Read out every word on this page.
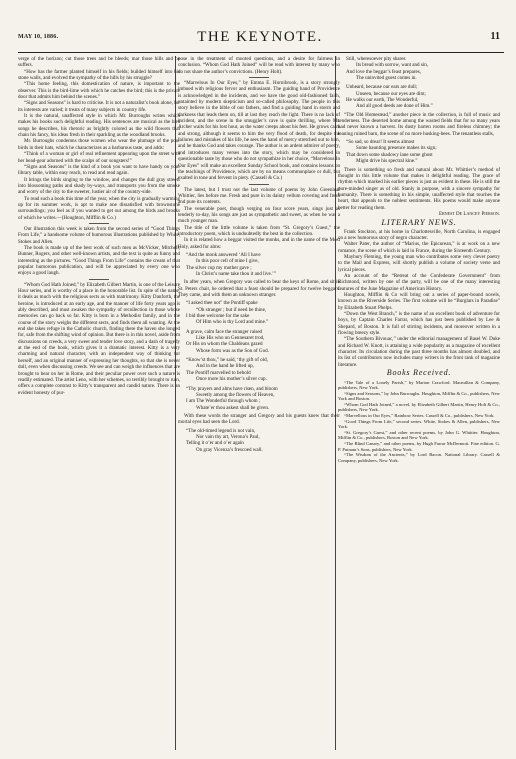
MAY 10, 1886.	THE KEYNOTE.	11

verge of the horizon; cut those trees and be bleeds; mar those hills and he suffers.

“How has the farmer planted himself in his fields; builded himself into his stone walls, and evolved the sympathy of the hills by his struggle?

“This home feeling, this domestication of nature, is important to the observer. This is the bird-lime with which he catches the bird; this is the private door that admits him behind the scenes.”

“Signs and Seasons” is hard to criticise. It is not a naturalist’s book alone, for its interests are varied; it treats of many subjects in country life.

It is the natural, unaffected style in which Mr. Burroughs writes which makes his books such delightful reading. His sentences are musical as the bird songs he describes, his rhetoric as brightly colored as the wild flowers that chain his fancy, his ideas fresh in their sparkling as the woodland brooks.

Mr. Burroughs condemns those women who wear the plumage of the poor birds in their hats, which he characterizes as a barbarous taste, and adds:

“Think of a woman or girl of real refinement appearing upon the street with her head-gear adorned with the scalps of our songsters!”

“Signs and Seasons” is the kind of a book you want to have handy on your library table, within easy reach, to read and read again.

It brings the birds singing to the window, and changes the dull gray streets into blossoming paths and shady by-ways, and transports you from the smoke and worry of the city to the sweeter, lustier air of the country-side.

To read such a book this time of the year, when the city is gradually warming up for its summer work, is apt to make one dissatisfied with brownstone surroundings; you feel as if you wanted to get out among the birds and brooks of which he writes.—(Houghton, Mifflin & Co.)

Our illustration this week is taken from the second series of “Good Things From Life,” a handsome volume of humorous illustrations published by White, Stokes and Allen.

The book is made up of the best work of such men as McVicker, Mitchell, Bunner, Rogers, and other well-known artists, and the text is quite as funny and interesting as the pictures. “Good Things From Life” contains the cream of that popular humorous publication, and will be appreciated by every one who enjoys a good laugh.

“Whom God Hath Joined,” by Elizabeth Gilbert Martin, is one of the Leisure Hour series, and is worthy of a place in the honorable list. In spite of the name, it deals as much with the religious sects as with matrimony. Kitty Danforth, the heroine, is introduced at an early age, and the manner of life forty years ago is ably described, and must awaken the sympathy of recollection in those whose memories can go back so far. Kitty is born in a Methodist family, and in the course of the story weighs the different sects, and finds them all wanting. At the end she takes refuge in the Catholic church, finding there the haven she longed for, safe from the shifting wind of opinion. But there is in this novel, aside from discussions on creeds, a very sweet and tender love story, and a dash of tragedy at the end of the book, which gives it a dramatic interest. Kitty is a very charming and natural character, with an independent way of thinking for herself, and an original manner of expressing her thoughts, so that she is never dull, even when discussing creeds. We see and can weigh the influences that are brought to bear on her in Rome, and their peculiar power over such a nature is readily estimated. The artist Leno, with her schemes, so terribly brought to ruin, offers a complete contrast to Kitty’s transparent and candid nature. There is an evident honesty of pur-

pose in the treatment of mooted questions, and a desire for fairness in conclusion. “Whom God Hath Joined” will be read with interest by many who do not share the author’s convictions. (Henry Holt).

“Marvelous In Our Eyes,” by Emma E. Hornibrook, is a story strongly imbued with religious fervor and enthusiasm. The guiding hand of Providence is acknowledged in the incidents, and we have the good old-fashioned faith, untainted by modern skepticism and so-called philosophy. The people in this story believe in the bible of our fathers, and find a guiding hand in storm and darkness that leads them on, till at last they reach the light. There is no lack of incident, and the scene in the smuggler’s cave is quite thrilling, where Mr. Archer waits for his lost hour, as the water creeps about his feet. He grows calm and strong, although it seems to him the very flood of death, for despite the failures and mistakes of his life, he sees the hand of mercy stretched out to him, and he thanks God and takes courage. The author is an ardent admirer of poetry, and introduces many verses into the story, which may be considered in questionable taste by those who do not sympathize in her choice, “Marvelous In Our Eyes” will make an excellent Sunday School book, and contains lessons on the teachings of Providence, which are by no means commonplace or dull, but exalted in tone and fervent in piety. (Cassell & Co.)

The latest, but I trust not the last volume of poems by John Greenleaf Whittier, lies before me. Fresh and pure in its dainty vellum covering and fresh and pure its contents.

The venerable poet, though verging on four score years, sings just as tenderly to-day, his songs are just as sympathetic and sweet, as when he was a much younger man.

The title of the little volume is taken from “St. Gregory’s Guest,” the introductory poem, which is undoubtedly the best in the collection.

In it is related how a beggar visited the monks, and in the name of the Most Holy, asked for alms:

“And the monk answered ‘All I have
In this poor cell of mine I give,
The silver cup my mother gave ;
In Christ’s name take thou it and live.’”

In after years, when Gregory was called to bear the keys of Rome, and sit in St. Peters chair, he ordered that a feast should be prepared for twelve beggars. They came, and with them an unknown stranger.

“I asked thee not” the Pontiff spake
“Oh stranger ; but if need be thine,
I bid thee welcome for the sake
Of Him who is thy Lord and mine.”
A grave, calm face the stranger raised
Like His who on Gennesaret trod,
Or His on whom the Chaldeans gazed
Whose form was as the Son of God.
“Know’st thou,” he said, ‘thy gift of old,
And in the hand he lifted up,
The Pontiff marvelled to behold
Once more his mother’s silver cup.
“Thy prayers and alms have risen, and bloom
Sweetly among the flowers of Heaven,
I am The Wonderful through whom ;
Whate’er thou askest shall be given.

With these words the stranger and Gregory and his guests knew that their mortal eyes had seen the Lord.

“The old-timed legend is not vain,
Nor vain thy art, Verona’s Paul,
Telling it o’er and o’er again
On gray Vicenza’s frescoed wall.
Still, wheresoever pity shares
Its bread with sorrow, want and sin,
And love the beggar’s feast prepares,
The uninvited guest comes in.
Unheard, because our ears are dull;
Unseen, because our eyes are dim;
He walks our earth, The Wonderful,
And all good deeds are done of Him.”

“The Old Homestead,” another piece in the collection, is full of music and tenderness. The deserted home among the wasted fields that for so many years had never known a harvest. Its dusty barren rooms and fireless chimney; the leaning ruined barn, the scene of no more husking-bees. The tenantless stalls,

“So sad, so drear! It seems almost
Some haunting presence makes its sign;
That down some shadowy lane some ghost
Might drive his spectral kine.”

There is something so fresh and natural about Mr. Whittier’s method of thought in this little volume that makes it delightful reading. The grace of rhythm which marked his earlier pieces is just as evident in these. He is still the pure-minded singer as of old. Stanly in purpose, with a sincere sympathy for humanity. There is something in his simple, unaffected style that touches the heart, that appeals to the noblest sentiments. His poems would make anyone better for reading them.

Ernest De Lancey Pierson.

LITERARY NEWS.

Frank Stockton, at his home in Charlottesville, North Carolina, is engaged on a new humorous story of negro character.

Walter Pater, the author of “Marius, the Epicurean,” is at work on a new romance, the scene of which is laid in France, during the Sixteenth Century.

Maybury Fleming, the young man who contributes some very clever poetry to the Mail and Express, will shortly publish a volume of society verse and lyrical pieces.

An account of the “Retreat of the Confederate Government” from Richmond, written by one of the party, will be one of the many interesting features of the June Magazine of American History.

Houghton, Mifflin & Co will bring out a series of paper-bound novels, known as the Riverside Series. The first volume will be “Burglars in Paradise” by Elizabeth Stuart Phelps.

“Down the West Branch,” is the name of an excellent book of adventure for boys, by Captain Charles Farrar, which has just been published by Lee & Shepard, of Boston. It is full of stirring incidents, and moreover written in a flowing breezy style.

“The Southern Bivouac,” under the editorial management of Basel W. Duke and Richard W. Knott, is attaining a wide popularity as a magazine of excellent character. Its circulation during the past three months has almost doubled, and its list of contributors now includes many writers in the front rank of magazine literature.

Books Received.

“The Tale of a Lonely Parish,” by Marion Crawford. Macmillan & Company, publishers, New York.

“Signs and Seasons,” by John Burroughs. Houghton, Mifflin & Co., publishers, New York and Boston.

“Whom God Hath Joined,” a novel, by Elizabeth Gilbert Martin, Henry Holt & Co., publishers, New York.

“Marvellous in Our Eyes,” Rainbow Series. Cassell & Co., publishers, New York.

“Good Things From Life,” second series. White, Stokes & Allen, publishers, New York.

“St. Gregory’s Guest,” and other recent poems, by John G. Whittier. Houghton, Mifflin & Co., publishers, Boston and New York.

“The Blind Canary,” and other poems, by Hugh Farrar McDermott. Fine edition. G. P. Putnam’s Sons, publishers, New York.

“The Wisdom of the Ancients,” by Lord Bacon. National Library. Cassell & Company, publishers, New York.
